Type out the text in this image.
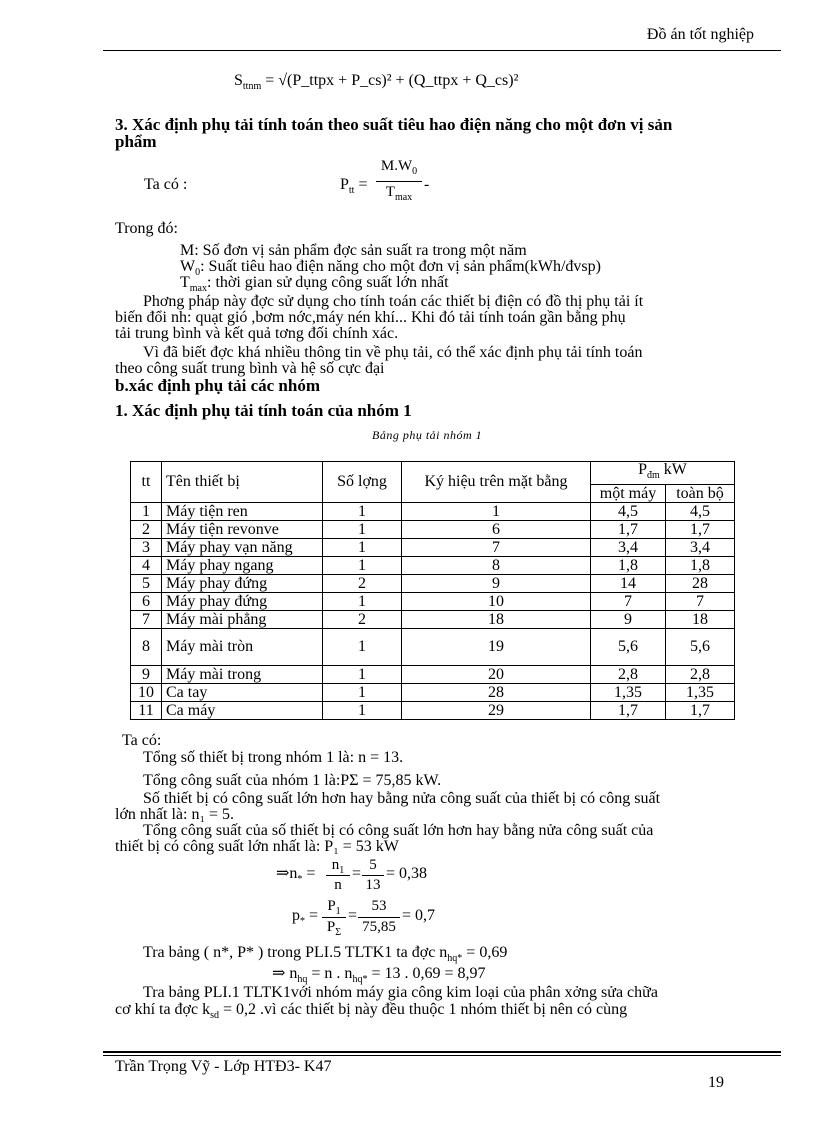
Đồ án tốt nghiệp
$S_{ttnm}$ = √(P_ttpx + P_cs)² + (Q_ttpx + Q_cs)²
3. Xác định phụ tải tính toán theo suất tiêu hao điện năng cho một đơn vị sản
phẩm
Ta có :	$P_{tt}$ =
$M.W_0$
$T_{max}$
-
Trong đó:
M: Số đơn vị sản phẩm đợc sản suất ra trong một năm
$W_0$: Suất tiêu hao điện năng cho một đơn vị sản phẩm(kWh/đvsp)
$T_{max}$: thời gian sử dụng công suất lớn nhất
Phơng pháp này đợc sử dụng cho tính toán các thiết bị điện có đồ thị phụ tải ít
biến đổi nh: quạt gió ,bơm nớc,máy nén khí... Khi đó tải tính toán gần bằng phụ
tải trung bình và kết quả tơng đối chính xác.
Vì đã biết đợc khá nhiều thông tin về phụ tải, có thể xác định phụ tải tính toán
theo công suất trung bình và hệ số cực đại
b.xác định phụ tải các nhóm
1. Xác định phụ tải tính toán của nhóm 1
Bảng phụ tải nhóm 1
tt	Tên thiết bị	Số lợng	Ký hiệu trên mặt bằng	$P_{đm}$ kW	
				một máy	toàn bộ
1	Máy tiện ren	1	1	4,5	4,5
2	Máy tiện revonve	1	6	1,7	1,7
3	Máy phay vạn năng	1	7	3,4	3,4
4	Máy phay ngang	1	8	1,8	1,8
5	Máy phay đứng	2	9	14	28
6	Máy phay đứng	1	10	7	7
7	Máy mài phẳng	2	18	9	18
8	Máy mài tròn	1	19	5,6	5,6
9	Máy mài trong	1	20	2,8	2,8
10	Ca tay	1	28	1,35	1,35
11	Ca máy	1	29	1,7	1,7
Ta có:
Tổng số thiết bị trong nhóm 1 là: n = 13.
Tổng công suất của nhóm 1 là:PΣ = 75,85 kW.
Số thiết bị có công suất lớn hơn hay bằng nửa công suất của thiết bị có công suất
lớn nhất là: n₁ = 5.
Tổng công suất của số thiết bị có công suất lớn hơn hay bằng nửa công suất của
thiết bị có công suất lớn nhất là: P₁ = 53 kW
$\Rightarrow n_*$ =	$n_1$
n
= 5
13
= 0,38
$p_*$ =
$P_1$
$P_\Sigma$
=
53
75,85
= 0,7
Tra bảng ( n*, P* ) trong PLI.5 TLTK1 ta đợc $n_{hq*} = 0,69$
⇒ $n_{hq} = n$ . $n_{hq*} = 13$ . 0,69 = 8,97
Tra bảng PLI.1 TLTK1với nhóm máy gia công kim loại của phân xởng sửa chữa
cơ khí ta đợc $k_{sd} = 0,2$ .vì các thiết bị này đều thuộc 1 nhóm thiết bị nên có cùng
Trần Trọng Vỹ - Lớp HTĐ3- K47
19
